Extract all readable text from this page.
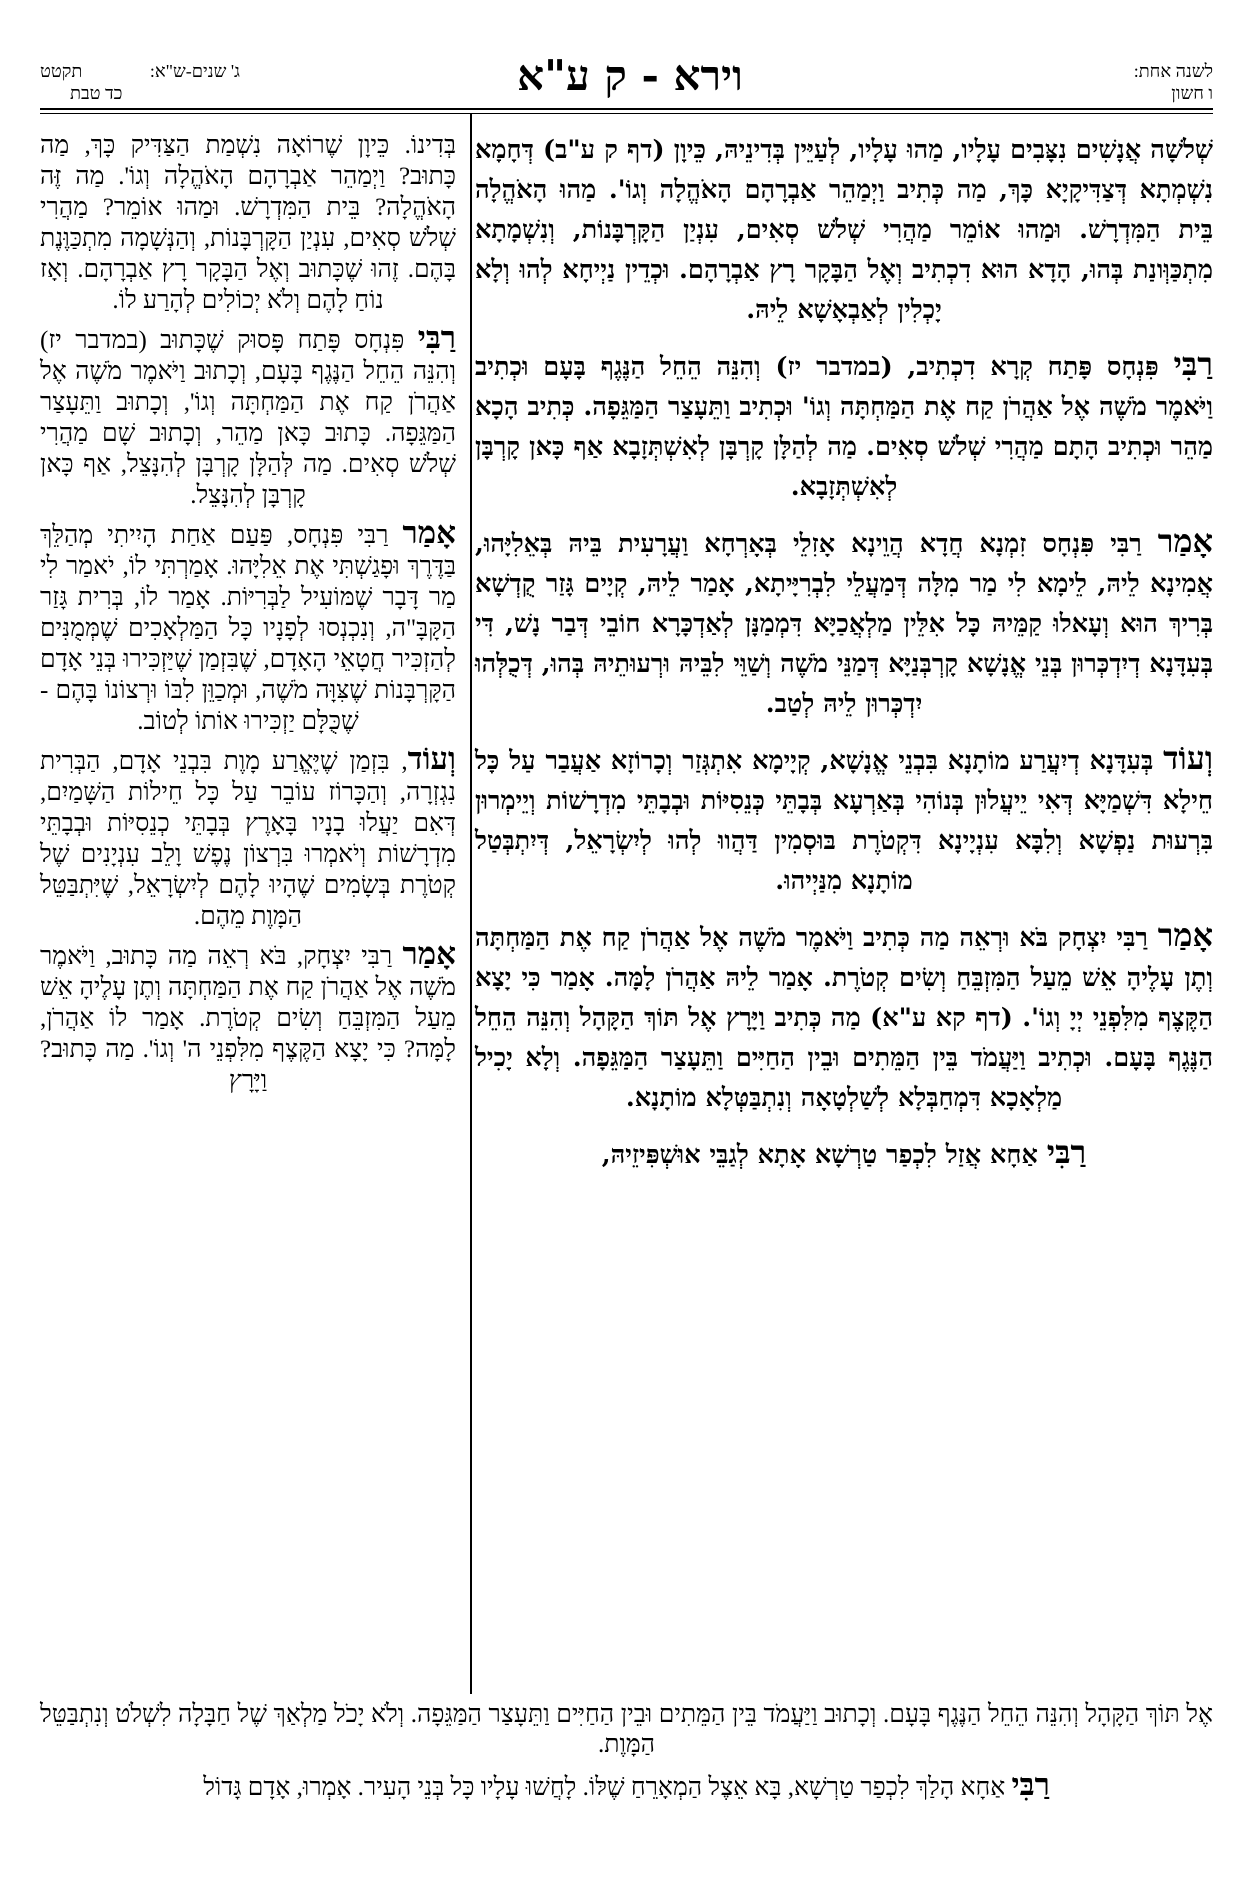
לשנה אחת:
ו חשון
וירא - ק ע"א
ג' שנים-ש"א:
תקטט
כד טבת

שְׁלֹשָׁה אֲנָשִׁים נִצָּבִים עָלָיו, מַהוּ עָלָיו, לְעַיֵּין בְּדִינֵיהּ, כֵּיוָן (דף ק ע"ב) דְּחָמָא נִשְׁמְתָא דְּצַדִּיקָיָא כָּךְ, מַה כְּתִיב וַיְמַהֵר אַבְרָהָם הָאֹהֱלָה וְגוֹ'. מַהוּ הָאֹהֱלָה בֵּית הַמִּדְרָשׁ. וּמַהוּ אוֹמֵר מַהֲרִי שְׁלֹשׁ סְאִים, עִנְיַן הַקָּרְבָּנוֹת, וְנִשְׁמָתָא מִתְכַּוְּונַת בְּהוּ, הָדָא הוּא דִכְתִיב וְאֶל הַבָּקָר רָץ אַבְרָהָם. וּכְדֵין נַיְיחָא לְהוּ וְלָא יָכְלִין לְאַבְאָשָׁא לֵיהּ.

רַבִּי פִּנְחָס פָּתַח קְרָא דִכְתִיב, (במדבר יז) וְהִנֵּה הֵחֵל הַנֶּגֶף בָּעָם וּכְתִיב וַיֹּאמֶר מֹשֶׁה אֶל אַהֲרֹן קַח אֶת הַמַּחְתָּה וְגוֹ' וּכְתִיב וַתֵּעָצַר הַמַּגֵּפָה. כְּתִיב הָכָא מַהֵר וּכְתִיב הָתָם מַהֲרִי שְׁלֹשׁ סְאִים. מַה לְהַלָּן קָרְבָּן לְאִשְׁתְּזָבָא אַף כָּאן קָרְבָּן לְאִשְׁתְּזָבָא.

אָמַר רַבִּי פִּנְחָס זִמְנָא חֲדָא הֲוֵינָא אָזִלֵי בְּאָרְחָא וַעֲרָעִית בֵּיהּ בְּאֵלִיָּהוּ, אֲמִינָא לֵיהּ, לֵימָא לִי מַר מִלָּה דְּמַעֲלֵי לִבְרִיָּיתָא, אָמַר לֵיהּ, קְיָים גָּזַר קֻדְשָׁא בְּרִיךְ הוּא וְעָאלוּ קַמֵּיהּ כָּל אִלֵּין מַלְאֲכַיָּא דִּמְמַנָּן לְאַדְכָּרָא חוֹבֵי דְּבַר נָשׁ, דִּי בְּעִדָּנָא דְיִדְכְּרוּן בְּנֵי אֱנָשָׁא קָרְבְּנַיָּא דְּמַנֵּי מֹשֶׁה וְשַׁוֵּי לִבֵּיהּ וּרְעוּתֵיהּ בְּהוּ, דְּכֻלְּהוּ יִדְכְּרוּן לֵיהּ לְטַב.

וְעוֹד בְּעִדָּנָא דְיִעֲרַע מוֹתָנָא בִּבְנֵי אֱנָשָׁא, קְיָימָא אִתְגְּזַר וְכָרוֹזָא אַעֲבַר עַל כָּל חֵילָא דִּשְׁמַיָּא דְּאִי יֵיעֲלוּן בְּנוֹהִי בְּאַרְעָא בְּבָתֵּי כְּנֵסִיּוֹת וּבְבָתֵּי מִדְרָשׁוֹת וְיֵימְרוּן בִּרְעוּת נַפְשָׁא וְלִבָּא עִנְיָינָא דִּקְטֹרֶת בּוּסְמִין דַּהֲווּ לְהוּ לְיִשְׂרָאֵל, דְּיִתְבְּטַל מוֹתָנָא מִנַּיְיהוּ.

אָמַר רַבִּי יִצְחָק בֹּא וּרְאֵה מַה כְּתִיב וַיֹּאמֶר מֹשֶׁה אֶל אַהֲרֹן קַח אֶת הַמַּחְתָּה וְתֶן עָלֶיהָ אֵשׁ מֵעַל הַמִּזְבֵּחַ וְשִׂים קְטֹרֶת. אָמַר לֵיהּ אַהֲרֹן לָמָּה. אָמַר כִּי יָצָא הַקֶּצֶף מִלִּפְנֵי יְיָ וְגוֹ'. (דף קא ע"א) מַה כְּתִיב וַיָּרָץ אֶל תּוֹךְ הַקָּהָל וְהִנֵּה הֵחֵל הַנֶּגֶף בָּעָם. וּכְתִיב וַיַּעֲמֹד בֵּין הַמֵּתִים וּבֵין הַחַיִּים וַתֵּעָצַר הַמַּגֵּפָה. וְלָא יָכִיל מַלְאָכָא דִּמְחַבְּלָא לְשַׁלְטָאָה וְנִתְבַּטְּלָא מוֹתָנָא.

רַבִּי אַחָא אֲזַל לִכְפַר טַרְשָׁא אָתָא לְגַבֵּי אוּשְׁפִּיזֵיהּ,

בְּדִינוֹ. כֵּיוָן שֶׁרוֹאָה נִשְׁמַת הַצַּדִּיק כָּךְ, מַה כָּתוּב? וַיְמַהֵר אַבְרָהָם הָאֹהֱלָה וְגוֹ'. מַה זֶּה הָאֹהֱלָה? בֵּית הַמִּדְרָשׁ. וּמַהוּ אוֹמֵר? מַהֲרִי שְׁלֹשׁ סְאִים, עִנְיַן הַקָּרְבָּנוֹת, וְהַנְּשָׁמָה מִתְכַּוֶּנֶת בָּהֶם. זֶהוּ שֶׁכָּתוּב וְאֶל הַבָּקָר רָץ אַבְרָהָם. וְאָז נוֹחַ לָהֶם וְלֹא יְכוֹלִים לְהָרַע לוֹ.

רַבִּי פִּנְחָס פָּתַח פָּסוּק שֶׁכָּתוּב (במדבר יז) וְהִנֵּה הֵחֵל הַנֶּגֶף בָּעָם, וְכָתוּב וַיֹּאמֶר מֹשֶׁה אֶל אַהֲרֹן קַח אֶת הַמַּחְתָּה וְגוֹ', וְכָתוּב וַתֵּעָצַר הַמַּגֵּפָה. כָּתוּב כָּאן מַהֵר, וְכָתוּב שָׁם מַהֲרִי שְׁלֹשׁ סְאִים. מַה לְּהַלָּן קָרְבָּן לְהִנָּצֵל, אַף כָּאן קָרְבָּן לְהִנָּצֵל.

אָמַר רַבִּי פִּנְחָס, פַּעַם אַחַת הָיִיתִי מְהַלֵּךְ בַּדֶּרֶךְ וּפָגַשְׁתִּי אֶת אֵלִיָּהוּ. אָמַרְתִּי לוֹ, יֹאמַר לִי מַר דָּבָר שֶׁמּוֹעִיל לַבְּרִיּוֹת. אָמַר לוֹ, בְּרִית גָּזַר הַקָּבָּ"ה, וְנִכְנְסוּ לְפָנָיו כָּל הַמַּלְאָכִים שֶׁמְּמֻנִּים לְהַזְכִּיר חֲטָאֵי הָאָדָם, שֶׁבִּזְמַן שֶׁיַּזְכִּירוּ בְּנֵי אָדָם הַקָּרְבָּנוֹת שֶׁצִּוָּה מֹשֶׁה, וּמְכַוֵּן לִבּוֹ וּרְצוֹנוֹ בָּהֶם - שֶׁכֻּלָּם יַזְכִּירוּ אוֹתוֹ לְטוֹב.

וְעוֹד, בִּזְמַן שֶׁיֶּאֱרַע מָוֶת בִּבְנֵי אָדָם, הַבְּרִית נִגְזְרָה, וְהַכָּרוֹז עוֹבֵר עַל כָּל חֵילוֹת הַשָּׁמַיִם, דְּאִם יַעֲלוּ בָנָיו בָּאָרֶץ בְּבָתֵּי כְנֵסִיּוֹת וּבְבָתֵּי מִדְרָשׁוֹת וְיֹאמְרוּ בִּרְצוֹן נֶפֶשׁ וָלֵב עִנְיָנִים שֶׁל קְטֹרֶת בְּשָׂמִים שֶׁהָיוּ לָהֶם לְיִשְׂרָאֵל, שֶׁיִּתְבַּטֵּל הַמָּוֶת מֵהֶם.

אָמַר רַבִּי יִצְחָק, בֹּא רְאֵה מַה כָּתוּב, וַיֹּאמֶר מֹשֶׁה אֶל אַהֲרֹן קַח אֶת הַמַּחְתָּה וְתֶן עָלֶיהָ אֵשׁ מֵעַל הַמִּזְבֵּחַ וְשִׂים קְטֹרֶת. אָמַר לוֹ אַהֲרֹן, לָמָּה? כִּי יָצָא הַקֶּצֶף מִלִּפְנֵי ה' וְגוֹ'. מַה כָּתוּב? וַיָּרָץ

אֶל תּוֹךְ הַקָּהָל וְהִנֵּה הֵחֵל הַנֶּגֶף בָּעָם. וְכָתוּב וַיַּעֲמֹד בֵּין הַמֵּתִים וּבֵין הַחַיִּים וַתֵּעָצַר הַמַּגֵּפָה. וְלֹא יָכֹל מַלְאַךְ שֶׁל חַבָּלָה לִשְׁלֹט וְנִתְבַּטֵּל הַמָּוֶת.

רַבִּי אַחָא הָלַךְ לִכְפַר טַרְשָׁא, בָּא אֵצֶל הַמְאָרֵחַ שֶׁלּוֹ. לָחֲשׁוּ עָלָיו כָּל בְּנֵי הָעִיר. אָמְרוּ, אָדָם גָּדוֹל
